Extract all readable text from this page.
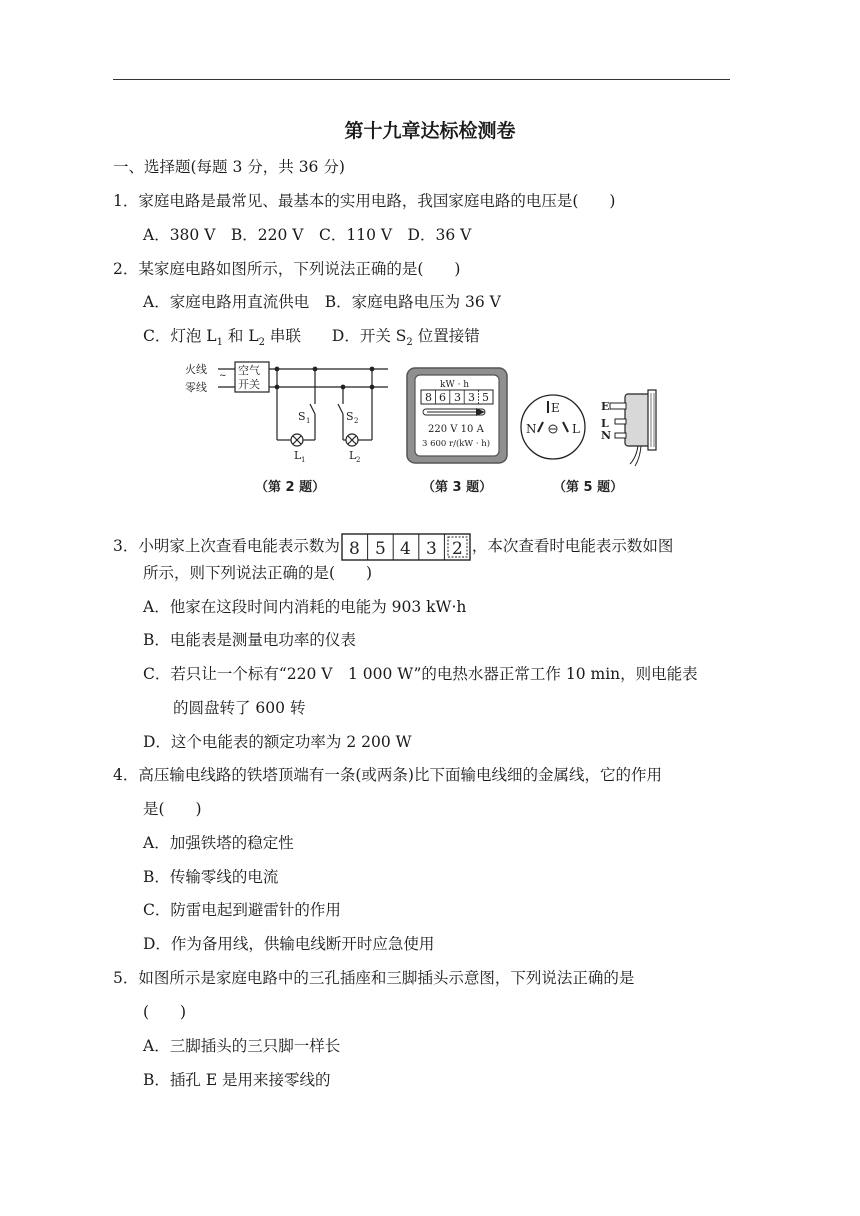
第十九章达标检测卷
一、选择题(每题 3 分，共 36 分)
1．家庭电路是最常见、最基本的实用电路，我国家庭电路的电压是(　　)
A．380 V　B．220 V　C．110 V　D．36 V
2．某家庭电路如图所示，下列说法正确的是(　　)
A．家庭电路用直流供电　B．家庭电路电压为 36 V
C．灯泡 $L_1$ 和 $L_2$ 串联　　D．开关 $S_2$ 位置接错
火线
零线
~ 空气
开关
S 1
L 1
S 2
L 2
（第 2 题）
kW · h
8 6 3 3 5
220 V 10 A
3 600 r/(kW · h)
（第 3 题）
E
N	L
E
L
N
（第 5 题）
3．小明家上次查看电能表示数为 8 5 4 3 2 ，本次查看时电能表示数如图
所示，则下列说法正确的是(　　)
A．他家在这段时间内消耗的电能为 903 kW·h
B．电能表是测量电功率的仪表
C．若只让一个标有“220 V　1 000 W”的电热水器正常工作 10 min，则电能表
的圆盘转了 600 转
D．这个电能表的额定功率为 2 200 W
4．高压输电线路的铁塔顶端有一条(或两条)比下面输电线细的金属线，它的作用
是(　　)
A．加强铁塔的稳定性
B．传输零线的电流
C．防雷电起到避雷针的作用
D．作为备用线，供输电线断开时应急使用
5．如图所示是家庭电路中的三孔插座和三脚插头示意图，下列说法正确的是
(　　)
A．三脚插头的三只脚一样长
B．插孔 E 是用来接零线的
